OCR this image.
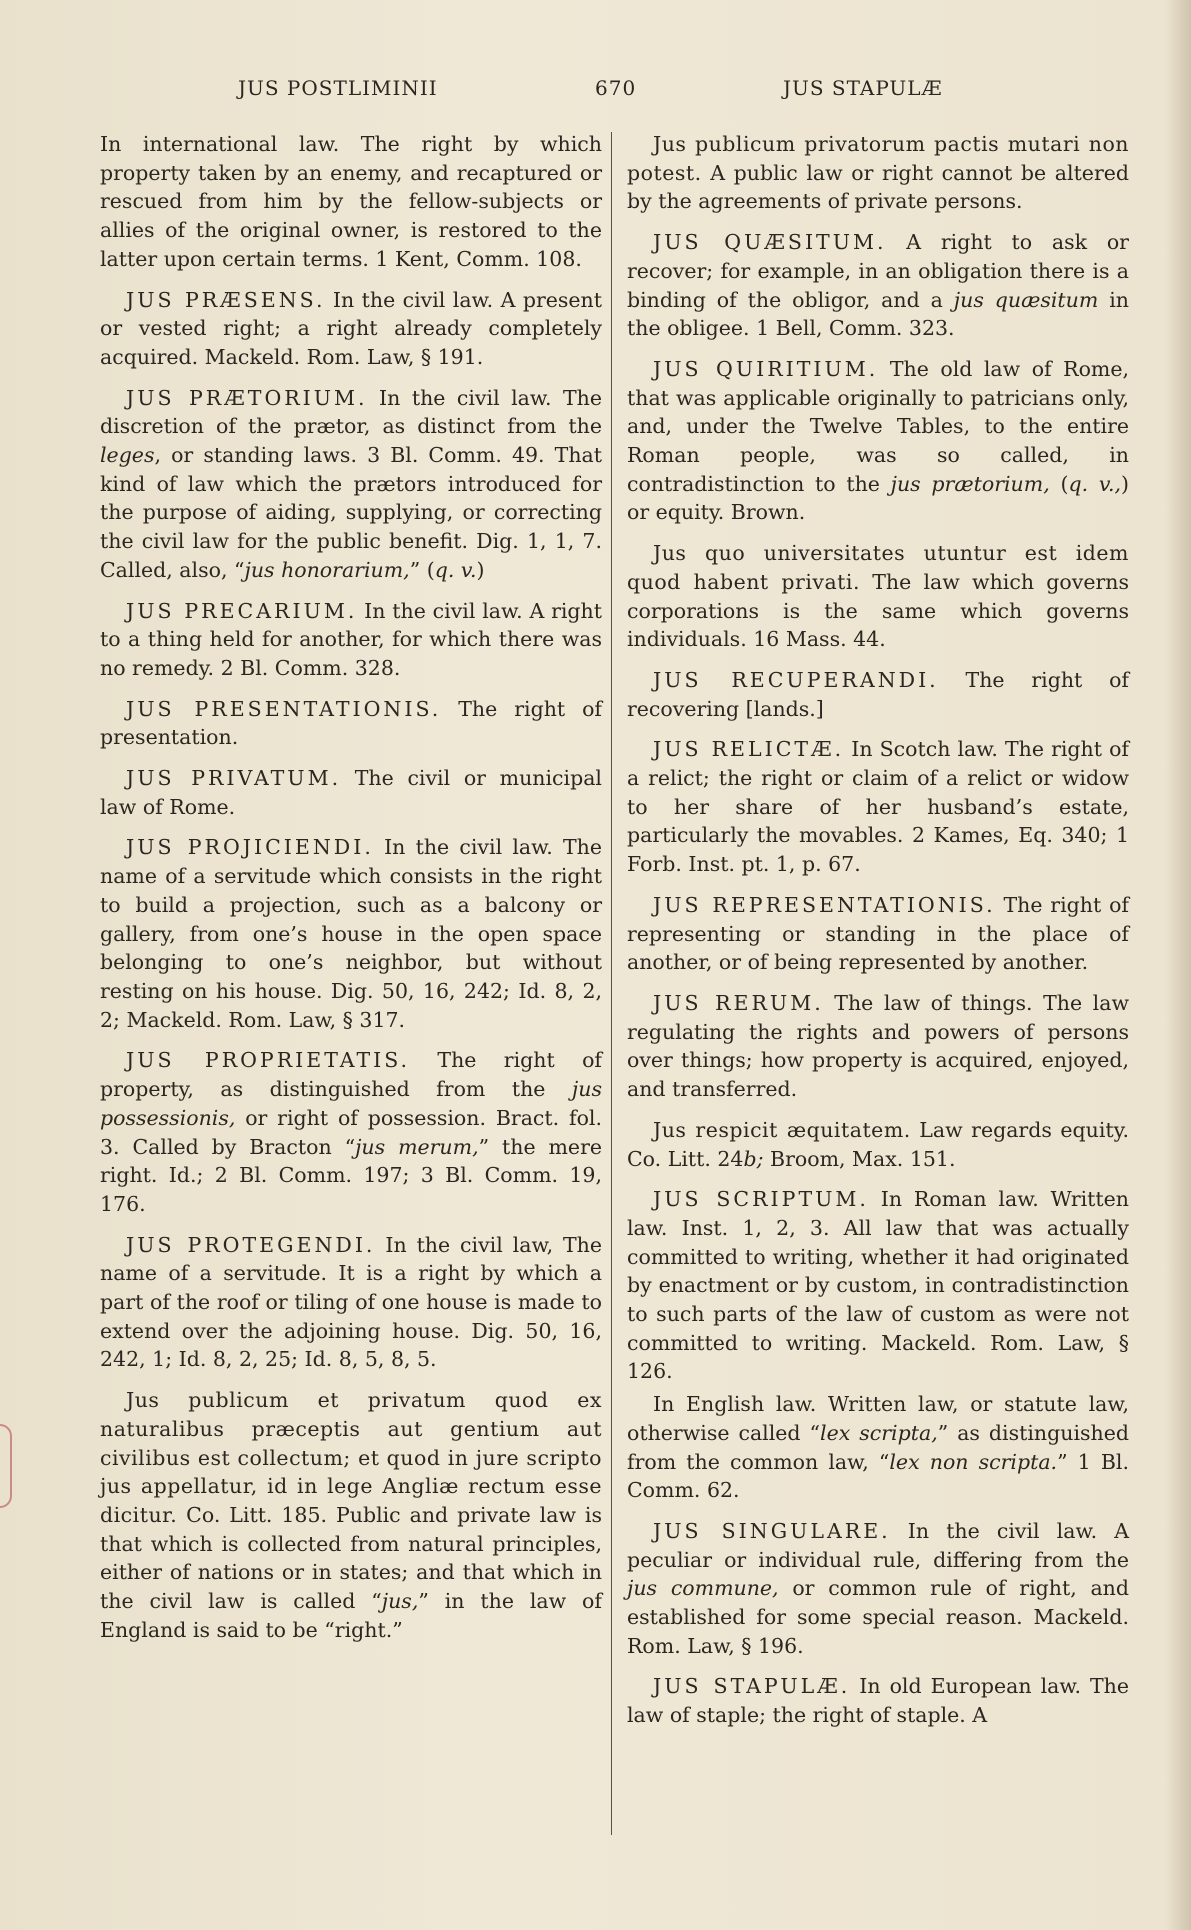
JUS POSTLIMINII	670	JUS STAPULÆ

In international law. The right by which property taken by an enemy, and recaptured or rescued from him by the fellow-subjects or allies of the original owner, is restored to the latter upon certain terms. 1 Kent, Comm. 108.

JUS PRÆSENS. In the civil law. A present or vested right; a right already completely acquired. Mackeld. Rom. Law, § 191.

JUS PRÆTORIUM. In the civil law. The discretion of the prætor, as distinct from the leges, or standing laws. 3 Bl. Comm. 49. That kind of law which the prætors introduced for the purpose of aiding, supplying, or correcting the civil law for the public benefit. Dig. 1, 1, 7. Called, also, “jus honorarium,” (q. v.)

JUS PRECARIUM. In the civil law. A right to a thing held for another, for which there was no remedy. 2 Bl. Comm. 328.

JUS PRESENTATIONIS. The right of presentation.

JUS PRIVATUM. The civil or municipal law of Rome.

JUS PROJICIENDI. In the civil law. The name of a servitude which consists in the right to build a projection, such as a balcony or gallery, from one’s house in the open space belonging to one’s neighbor, but without resting on his house. Dig. 50, 16, 242; Id. 8, 2, 2; Mackeld. Rom. Law, § 317.

JUS PROPRIETATIS. The right of property, as distinguished from the jus possessionis, or right of possession. Bract. fol. 3. Called by Bracton “jus merum,” the mere right. Id.; 2 Bl. Comm. 197; 3 Bl. Comm. 19, 176.

JUS PROTEGENDI. In the civil law, The name of a servitude. It is a right by which a part of the roof or tiling of one house is made to extend over the adjoining house. Dig. 50, 16, 242, 1; Id. 8, 2, 25; Id. 8, 5, 8, 5.

Jus publicum et privatum quod ex naturalibus præceptis aut gentium aut civilibus est collectum; et quod in jure scripto jus appellatur, id in lege Angliæ rectum esse dicitur. Co. Litt. 185. Public and private law is that which is collected from natural principles, either of nations or in states; and that which in the civil law is called “jus,” in the law of England is said to be “right.”

Jus publicum privatorum pactis mutari non potest. A public law or right cannot be altered by the agreements of private persons.

JUS QUÆSITUM. A right to ask or recover; for example, in an obligation there is a binding of the obligor, and a jus quæsitum in the obligee. 1 Bell, Comm. 323.

JUS QUIRITIUM. The old law of Rome, that was applicable originally to patricians only, and, under the Twelve Tables, to the entire Roman people, was so called, in contradistinction to the jus prætorium, (q. v.,) or equity. Brown.

Jus quo universitates utuntur est idem quod habent privati. The law which governs corporations is the same which governs individuals. 16 Mass. 44.

JUS RECUPERANDI. The right of recovering [lands.]

JUS RELICTÆ. In Scotch law. The right of a relict; the right or claim of a relict or widow to her share of her husband’s estate, particularly the movables. 2 Kames, Eq. 340; 1 Forb. Inst. pt. 1, p. 67.

JUS REPRESENTATIONIS. The right of representing or standing in the place of another, or of being represented by another.

JUS RERUM. The law of things. The law regulating the rights and powers of persons over things; how property is acquired, enjoyed, and transferred.

Jus respicit æquitatem. Law regards equity. Co. Litt. 24b; Broom, Max. 151.

JUS SCRIPTUM. In Roman law. Written law. Inst. 1, 2, 3. All law that was actually committed to writing, whether it had originated by enactment or by custom, in contradistinction to such parts of the law of custom as were not committed to writing. Mackeld. Rom. Law, § 126.

In English law. Written law, or statute law, otherwise called “lex scripta,” as distinguished from the common law, “lex non scripta.” 1 Bl. Comm. 62.

JUS SINGULARE. In the civil law. A peculiar or individual rule, differing from the jus commune, or common rule of right, and established for some special reason. Mackeld. Rom. Law, § 196.

JUS STAPULÆ. In old European law. The law of staple; the right of staple. A
